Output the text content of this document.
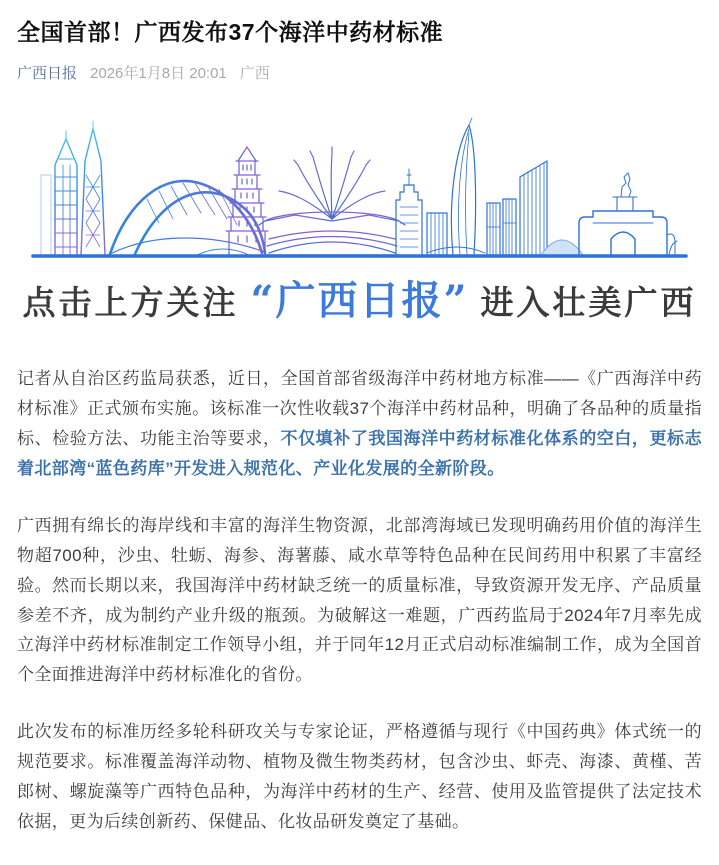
全国首部！广西发布37个海洋中药材标准
广西日报 2026年1月8日 20:01 广西
点击上方关注 “广西日报” 进入壮美广西

记者从自治区药监局获悉，近日，全国首部省级海洋中药材地方标准——《广西海洋中药材标准》正式颁布实施。该标准一次性收载37个海洋中药材品种，明确了各品种的质量指标、检验方法、功能主治等要求，不仅填补了我国海洋中药材标准化体系的空白，更标志着北部湾“蓝色药库”开发进入规范化、产业化发展的全新阶段。

广西拥有绵长的海岸线和丰富的海洋生物资源，北部湾海域已发现明确药用价值的海洋生物超700种，沙虫、牡蛎、海参、海薯藤、咸水草等特色品种在民间药用中积累了丰富经验。然而长期以来，我国海洋中药材缺乏统一的质量标准，导致资源开发无序、产品质量参差不齐，成为制约产业升级的瓶颈。为破解这一难题，广西药监局于2024年7月率先成立海洋中药材标准制定工作领导小组，并于同年12月正式启动标准编制工作，成为全国首个全面推进海洋中药材标准化的省份。

此次发布的标准历经多轮科研攻关与专家论证，严格遵循与现行《中国药典》体式统一的规范要求。标准覆盖海洋动物、植物及微生物类药材，包含沙虫、虾壳、海漆、黄槿、苦郎树、螺旋藻等广西特色品种，为海洋中药材的生产、经营、使用及监管提供了法定技术依据，更为后续创新药、保健品、化妆品研发奠定了基础。
